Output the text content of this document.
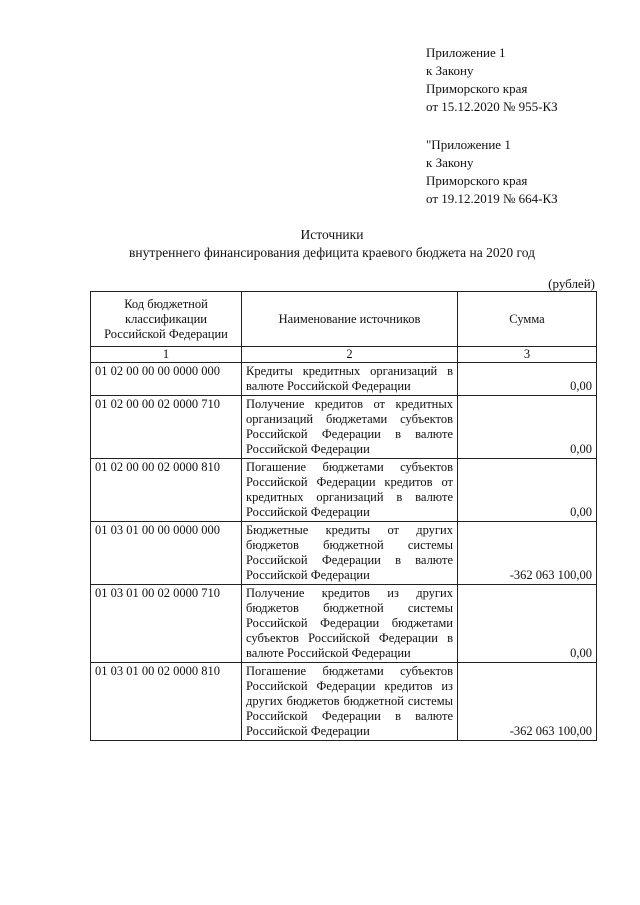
Приложение 1
к Закону
Приморского края
от 15.12.2020 № 955-КЗ
"Приложение 1
к Закону
Приморского края
от 19.12.2019 № 664-КЗ
Источники
внутреннего финансирования дефицита краевого бюджета на 2020 год
(рублей)
Код бюджетной классификации Российской Федерации	Наименование источников	Сумма
1	2	3
01 02 00 00 00 0000 000	Кредиты кредитных организаций в валюте Российской Федерации	0,00
01 02 00 00 02 0000 710	Получение кредитов от кредитных организаций бюджетами субъектов Российской Федерации в валюте Российской Федерации	0,00
01 02 00 00 02 0000 810	Погашение бюджетами субъектов Российской Федерации кредитов от кредитных организаций в валюте Российской Федерации	0,00
01 03 01 00 00 0000 000	Бюджетные кредиты от других бюджетов бюджетной системы Российской Федерации в валюте Российской Федерации	-362 063 100,00
01 03 01 00 02 0000 710	Получение кредитов из других бюджетов бюджетной системы Российской Федерации бюджетами субъектов Российской Федерации в валюте Российской Федерации	0,00
01 03 01 00 02 0000 810	Погашение бюджетами субъектов Российской Федерации кредитов из других бюджетов бюджетной системы Российской Федерации в валюте Российской Федерации	-362 063 100,00
